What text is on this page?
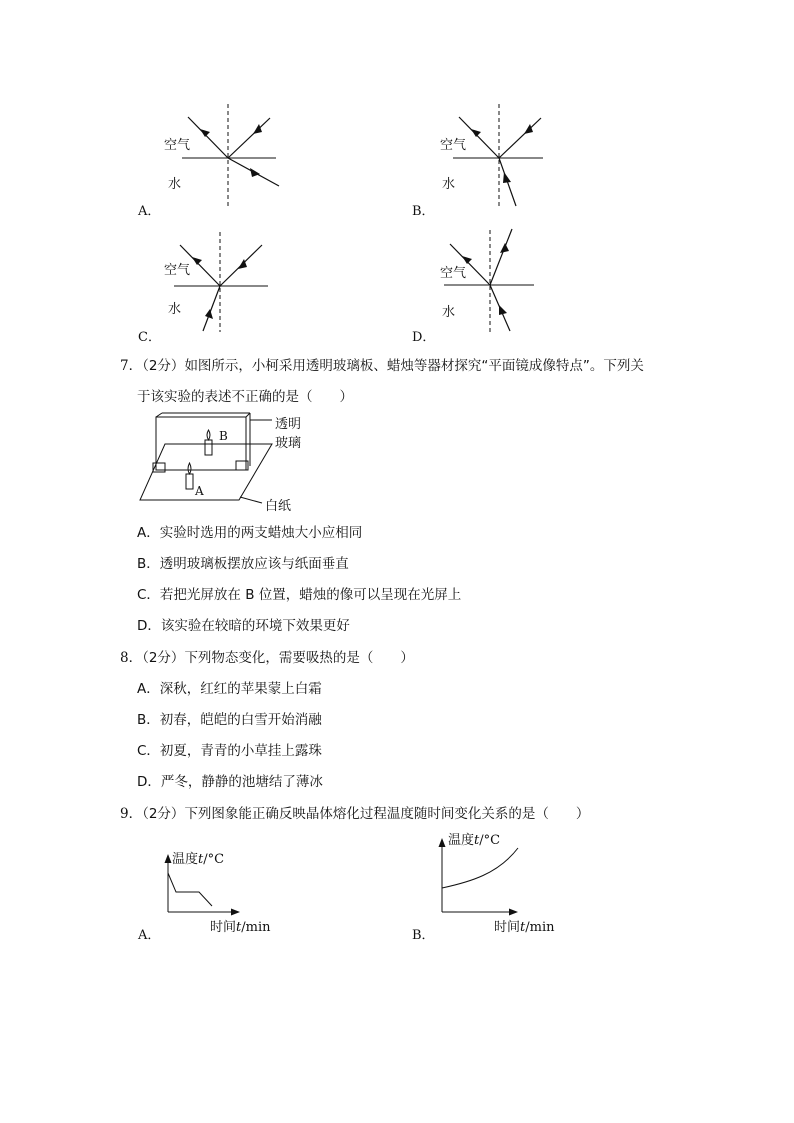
空气
水
A．
空气
水
B．
空气
水
C．
空气
水
D．
7．（2分）如图所示，小柯采用透明玻璃板、蜡烛等器材探究“平面镜成像特点”。下列关
于该实验的表述不正确的是（　　）
透明
玻璃
白纸
B
A
A．实验时选用的两支蜡烛大小应相同
B．透明玻璃板摆放应该与纸面垂直
C．若把光屏放在 B 位置，蜡烛的像可以呈现在光屏上
D．该实验在较暗的环境下效果更好
8．（2分）下列物态变化，需要吸热的是（　　）
A．深秋，红红的苹果蒙上白霜
B．初春，皑皑的白雪开始消融
C．初夏，青青的小草挂上露珠
D．严冬，静静的池塘结了薄冰
9．（2分）下列图象能正确反映晶体熔化过程温度随时间变化关系的是（　　）
温度t/°C
时间t/min
A．
温度t/°C
时间t/min
B．
